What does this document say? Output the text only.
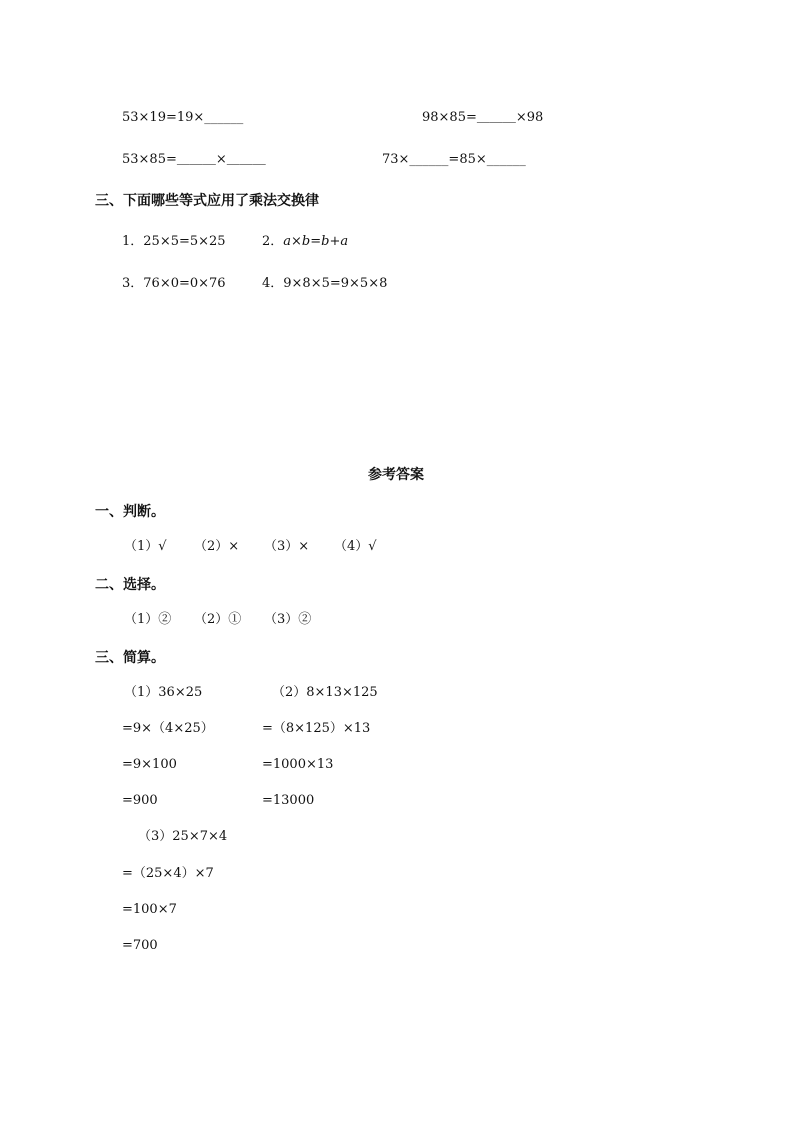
53×19=19×______	98×85=＿＿＿×98
53×85=＿＿＿×＿＿＿	73×______=85×______
三、下面哪些等式应用了乘法交换律
1．25×5=5×25	2．a×b=b+a
3．76×0=0×76	4．9×8×5=9×5×8
参考答案
一、判断。
（1）√ （2）× （3）× （4）√
二、选择。
（1）② （2）① （3）②
三、简算。
（1）36×25
=9×（4×25）
=9×100
=900
（2）8×13×125
=（8×125）×13
=1000×13
=13000
（3）25×7×4
=（25×4）×7
=100×7
=700
